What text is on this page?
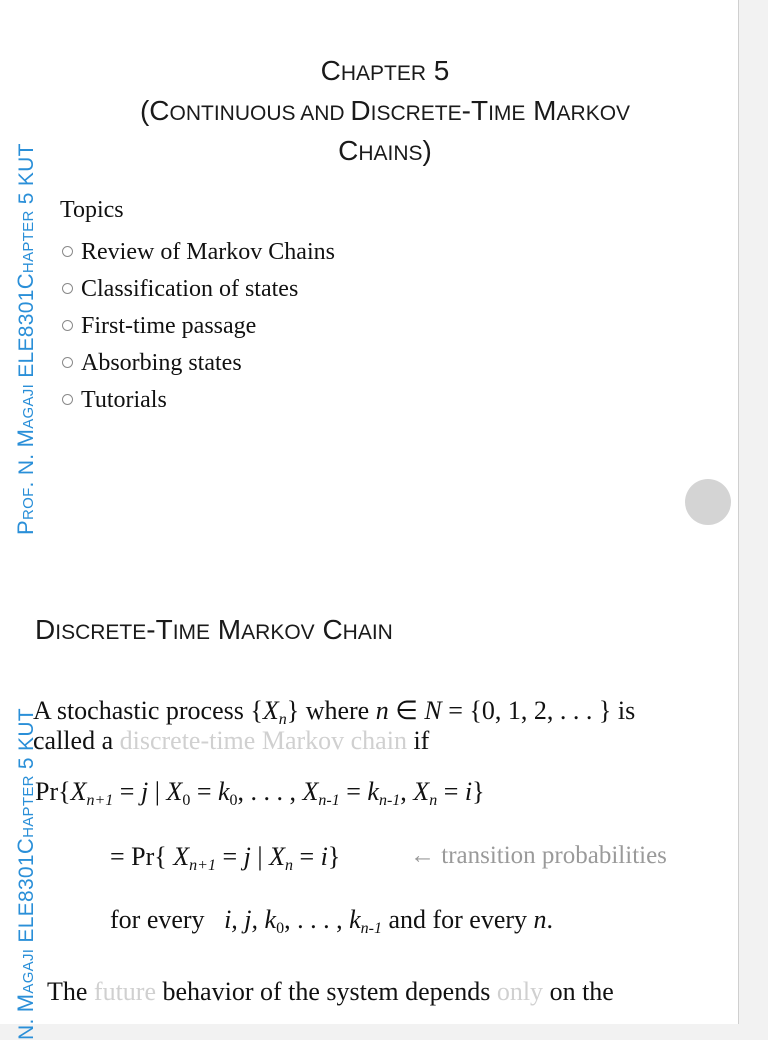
PROF. N. MAGAJI ELE8301CHAPTER 5 KUT
CHAPTER 5
(CONTINUOUS AND DISCRETE-TIME MARKOV
CHAINS)
Topics
Review of Markov Chains
Classification of states
First-time passage
Absorbing states
Tutorials
N. MAGAJI ELE8301CHAPTER 5 KUT
DISCRETE-TIME MARKOV CHAIN
A stochastic process $\{X_n\}$ where n ∈ N = {0, 1, 2, . . . } is
called a discrete-time Markov chain if
$Pr\{X_{n+1} = j$ | $X_0 = k_0$, . . . , $X_{n-1} = k_{n-1}$, $X_n = i$}
= Pr{ $X_{n+1} = j$ | $X_n = i$}	← transition probabilities
for every   i, j, $k_0$, . . . , $k_{n-1}$ and for every n.
The future behavior of the system depends only on the
